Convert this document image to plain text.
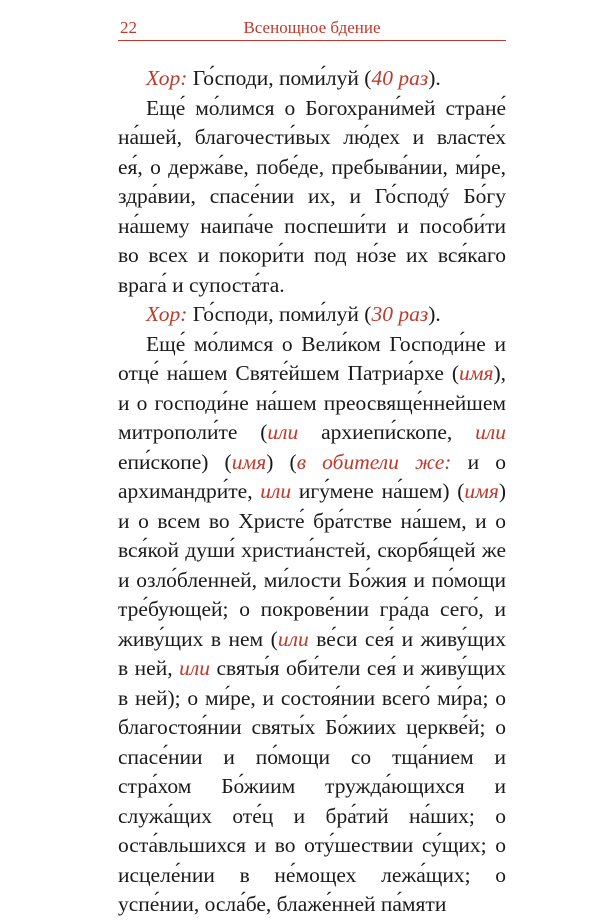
22	Всенощное бдение

Хор: Го́споди, поми́луй (40 раз).

Еще́ мо́лимся о Богохрани́мей стране́ на́шей, благочести́вых лю́дех и власте́х ея́, о держа́ве, побе́де, пребыва́нии, ми́ре, здра́вии, спасе́нии их, и Го́сподý Бо́гу на́шему наипа́че поспеши́ти и пособи́ти во всех и покори́ти под но́зе их вся́каго врага́ и супоста́та.

Хор: Го́споди, поми́луй (30 раз).

Еще́ мо́лимся о Вели́ком Господи́не и отце́ на́шем Святе́йшем Патриа́рхе (имя), и о господи́не на́шем преосвяще́ннейшем митрополи́те (или архиепи́скопе, или епи́скопе) (имя) (в обители же: и о архимандри́те, или игу́мене на́шем) (имя) и о всем во Христе́ бра́тстве на́шем, и о вся́кой души́ христиа́нстей, скорбя́щей же и озло́бленней, ми́лости Бо́жия и по́мощи тре́бующей; о покрове́нии гра́да сего́, и живу́щих в нем (или ве́си сея́ и живу́щих в ней, или святы́я оби́тели сея́ и живу́щих в ней); о ми́ре, и состоя́нии всего́ ми́ра; о благостоя́нии святы́х Бо́жиих церкве́й; о спасе́нии и по́мощи со тща́нием и стра́хом Бо́жиим тружда́ющихся и служа́щих оте́ц и бра́тий на́ших; о оста́вльшихся и во оту́шествии су́щих; о исцеле́нии в не́мощех лежа́щих; о успе́нии, осла́бе, блаже́нней па́мяти
